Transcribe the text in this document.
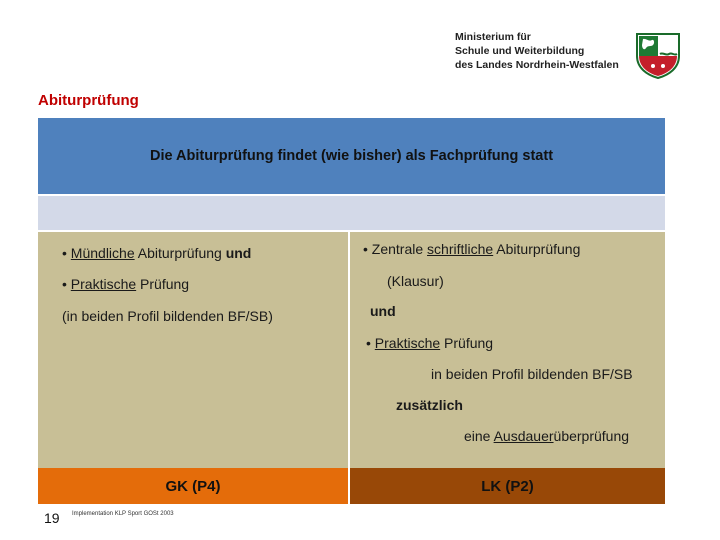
Ministerium für
Schule und Weiterbildung
des Landes Nordrhein-Westfalen
Abiturprüfung
Die Abiturprüfung findet (wie bisher) als Fachprüfung statt
• Mündliche Abiturprüfung und
• Praktische Prüfung
(in beiden Profil bildenden BF/SB)
• Zentrale schriftliche Abiturprüfung
(Klausur)
und
• Praktische Prüfung
in beiden Profil bildenden BF/SB
zusätzlich
eine Ausdauerüberprüfung
GK (P4)	LK (P2)
19 Implementation KLP Sport GOSt 2003
